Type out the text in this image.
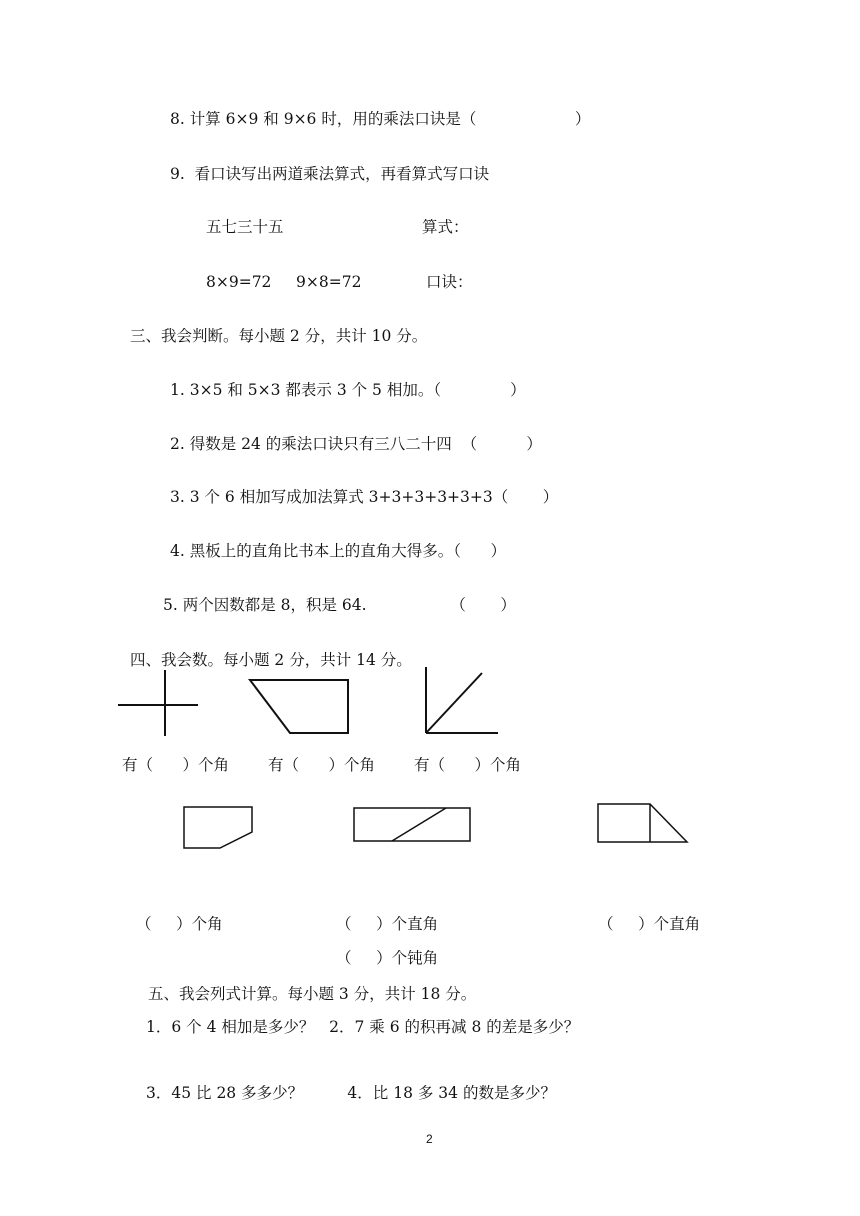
8. 计算 6×9 和 9×6 时，用的乘法口诀是（                    ）
9.  看口诀写出两道乘法算式，再看算式写口诀
五七三十五	算式：
8×9=72     9×8=72	口诀：
三、我会判断。每小题 2 分，共计 10 分。
1. 3×5 和 5×3 都表示 3 个 5 相加。（              ）
2. 得数是 24 的乘法口诀只有三八二十四  （          ）
3. 3 个 6 相加写成加法算式 3+3+3+3+3+3（       ）
4. 黑板上的直角比书本上的直角大得多。（      ）
5. 两个因数都是 8，积是 64.                 （       ）
四、我会数。每小题 2 分，共计 14 分。
有（      ）个角	有（      ）个角	有（      ）个角
（     ）个角	（     ）个直角
（     ）个钝角
（     ）个直角
五、我会列式计算。每小题 3 分，共计 18 分。
1．6 个 4 相加是多少？   2．7 乘 6 的积再减 8 的差是多少？
3．45 比 28 多多少？         4．比 18 多 34 的数是多少？
2
